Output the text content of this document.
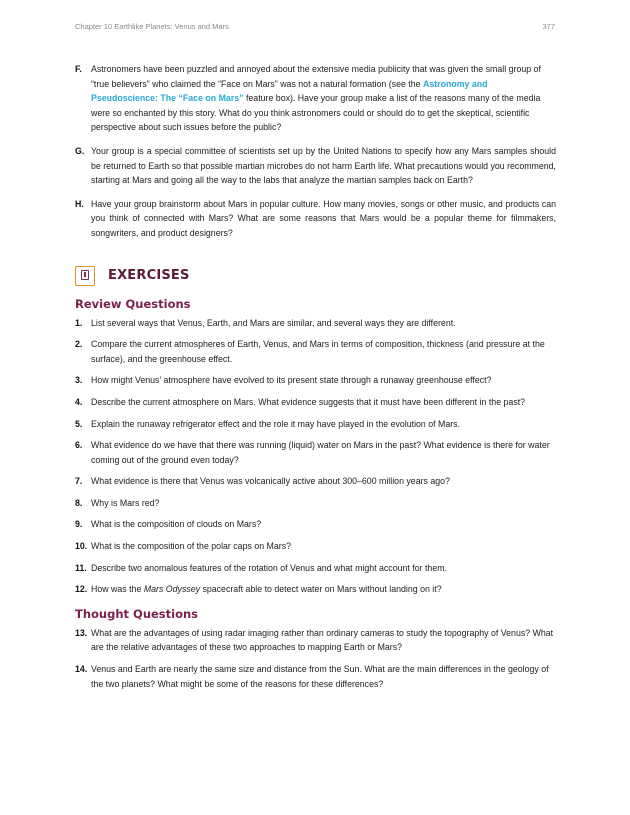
Chapter 10 Earthlike Planets: Venus and Mars	377
F.	Astronomers have been puzzled and annoyed about the extensive media publicity that was given the small group of “true believers” who claimed the “Face on Mars” was not a natural formation (see the Astronomy and Pseudoscience: The “Face on Mars” feature box). Have your group make a list of the reasons many of the media were so enchanted by this story. What do you think astronomers could or should do to get the skeptical, scientific perspective about such issues before the public?
G. Your group is a special committee of scientists set up by the United Nations to specify how any Mars samples should be returned to Earth so that possible martian microbes do not harm Earth life. What precautions would you recommend, starting at Mars and going all the way to the labs that analyze the martian samples back on Earth?
H. Have your group brainstorm about Mars in popular culture. How many movies, songs or other music, and products can you think of connected with Mars? What are some reasons that Mars would be a popular theme for filmmakers, songwriters, and product designers?
EXERCISES
Review Questions
1. List several ways that Venus, Earth, and Mars are similar, and several ways they are different.
2. Compare the current atmospheres of Earth, Venus, and Mars in terms of composition, thickness (and pressure at the surface), and the greenhouse effect.
3. How might Venus’ atmosphere have evolved to its present state through a runaway greenhouse effect?
4. Describe the current atmosphere on Mars. What evidence suggests that it must have been different in the past?
5. Explain the runaway refrigerator effect and the role it may have played in the evolution of Mars.
6. What evidence do we have that there was running (liquid) water on Mars in the past? What evidence is there for water coming out of the ground even today?
7. What evidence is there that Venus was volcanically active about 300–600 million years ago?
8. Why is Mars red?
9. What is the composition of clouds on Mars?
10. What is the composition of the polar caps on Mars?
11. Describe two anomalous features of the rotation of Venus and what might account for them.
12. How was the Mars Odyssey spacecraft able to detect water on Mars without landing on it?
Thought Questions
13. What are the advantages of using radar imaging rather than ordinary cameras to study the topography of Venus? What are the relative advantages of these two approaches to mapping Earth or Mars?
14. Venus and Earth are nearly the same size and distance from the Sun. What are the main differences in the geology of the two planets? What might be some of the reasons for these differences?
